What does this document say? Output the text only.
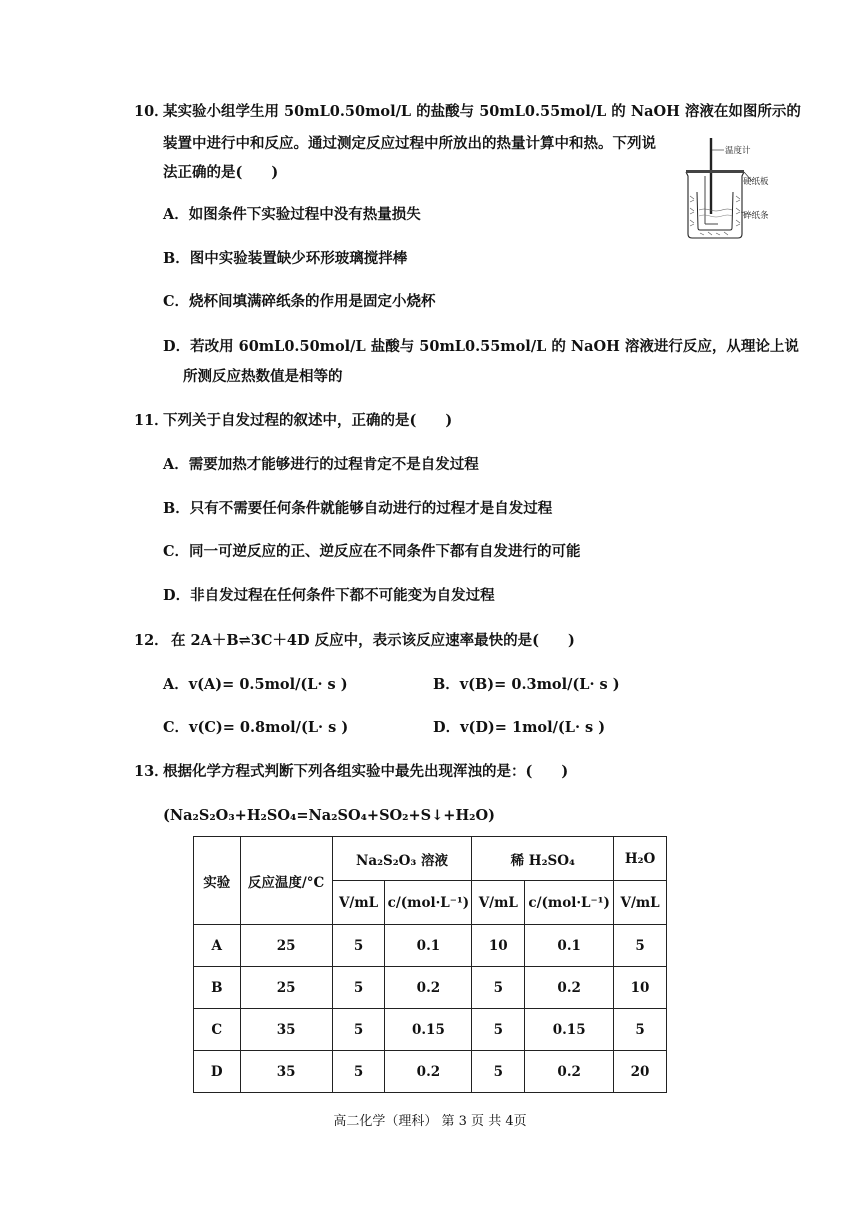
10．
某实验小组学生用 50mL0.50mol/L 的盐酸与 50mL0.55mol/L 的 NaOH 溶液在如图所示的
装置中进行中和反应。通过测定反应过程中所放出的热量计算中和热。下列说
法正确的是(　　)
温度计
硬纸板
碎纸条
A．如图条件下实验过程中没有热量损失
B．图中实验装置缺少环形玻璃搅拌棒
C．烧杯间填满碎纸条的作用是固定小烧杯
D．若改用 60mL0.50mol/L 盐酸与 50mL0.55mol/L 的 NaOH 溶液进行反应，从理论上说
所测反应热数值是相等的
11．
下列关于自发过程的叙述中，正确的是(　　)
A．需要加热才能够进行的过程肯定不是自发过程
B．只有不需要任何条件就能够自动进行的过程才是自发过程
C．同一可逆反应的正、逆反应在不同条件下都有自发进行的可能
D．非自发过程在任何条件下都不可能变为自发过程
12． 在 2A＋B⇌3C＋4D 反应中，表示该反应速率最快的是(　　)
A．v(A)= 0.5mol/(L· s )	B．v(B)= 0.3mol/(L· s )
C．v(C)= 0.8mol/(L· s )	D．v(D)= 1mol/(L· s )
13．
根据化学方程式判断下列各组实验中最先出现浑浊的是：(　　)
(Na₂S₂O₃+H₂SO₄=Na₂SO₄+SO₂+S↓+H₂O)
实验	反应温度/°C	Na₂S₂O₃ 溶液		稀 H₂SO₄		H₂O
		V/mL	c/(mol·L⁻¹)	V/mL	c/(mol·L⁻¹)	V/mL
A	25	5	0.1	10	0.1	5
B	25	5	0.2	5	0.2	10
C	35	5	0.15	5	0.15	5
D	35	5	0.2	5	0.2	20
高二化学（理科） 第 3 页 共 4页
